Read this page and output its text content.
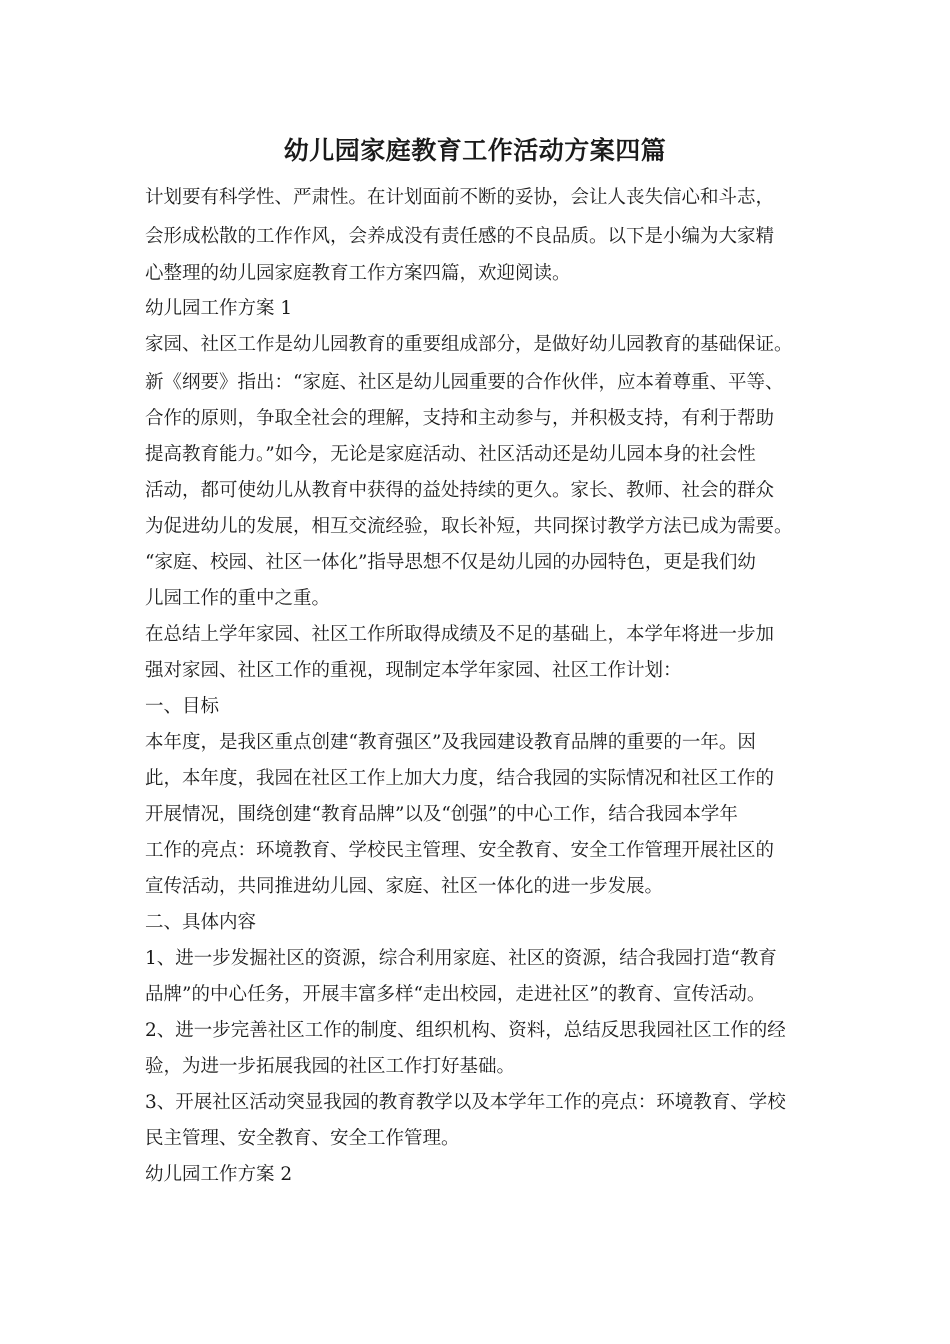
幼儿园家庭教育工作活动方案四篇

计划要有科学性、严肃性。在计划面前不断的妥协，会让人丧失信心和斗志，

会形成松散的工作作风，会养成没有责任感的不良品质。以下是小编为大家精

心整理的幼儿园家庭教育工作方案四篇，欢迎阅读。

幼儿园工作方案 1

家园、社区工作是幼儿园教育的重要组成部分，是做好幼儿园教育的基础保证。

新《纲要》指出：“家庭、社区是幼儿园重要的合作伙伴，应本着尊重、平等、

合作的原则，争取全社会的理解，支持和主动参与，并积极支持，有利于帮助

提高教育能力。”如今，无论是家庭活动、社区活动还是幼儿园本身的社会性

活动，都可使幼儿从教育中获得的益处持续的更久。家长、教师、社会的群众

为促进幼儿的发展，相互交流经验，取长补短，共同探讨教学方法已成为需要。

“家庭、校园、社区一体化”指导思想不仅是幼儿园的办园特色，更是我们幼

儿园工作的重中之重。

在总结上学年家园、社区工作所取得成绩及不足的基础上，本学年将进一步加

强对家园、社区工作的重视，现制定本学年家园、社区工作计划：

一、目标

本年度，是我区重点创建“教育强区”及我园建设教育品牌的重要的一年。因

此，本年度，我园在社区工作上加大力度，结合我园的实际情况和社区工作的

开展情况，围绕创建“教育品牌”以及“创强”的中心工作，结合我园本学年

工作的亮点：环境教育、学校民主管理、安全教育、安全工作管理开展社区的

宣传活动，共同推进幼儿园、家庭、社区一体化的进一步发展。

二、具体内容

1、进一步发掘社区的资源，综合利用家庭、社区的资源，结合我园打造“教育

品牌”的中心任务，开展丰富多样“走出校园，走进社区”的教育、宣传活动。

2、进一步完善社区工作的制度、组织机构、资料，总结反思我园社区工作的经

验，为进一步拓展我园的社区工作打好基础。

3、开展社区活动突显我园的教育教学以及本学年工作的亮点：环境教育、学校

民主管理、安全教育、安全工作管理。

幼儿园工作方案 2
